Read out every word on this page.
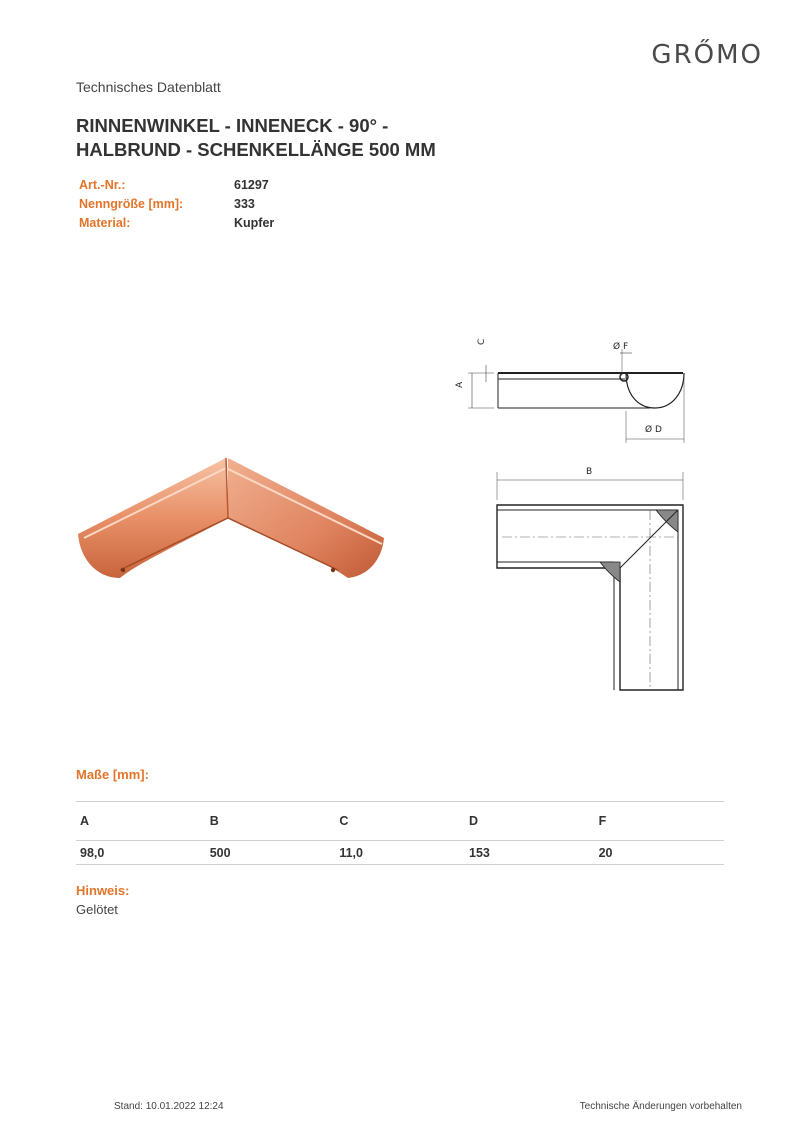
GRŐMO
Technisches Datenblatt
RINNENWINKEL - INNENECK - 90° -
HALBRUND - SCHENKELLÄNGE 500 MM
Art.-Nr.:	61297
Nenngröße [mm]:	333
Material:	Kupfer
A
C
Ø F
Ø D
B
Maße [mm]:
A	B	C	D	F
98,0	500	11,0	153	20
Hinweis:
Gelötet
Stand: 10.01.2022 12:24	Technische Änderungen vorbehalten
